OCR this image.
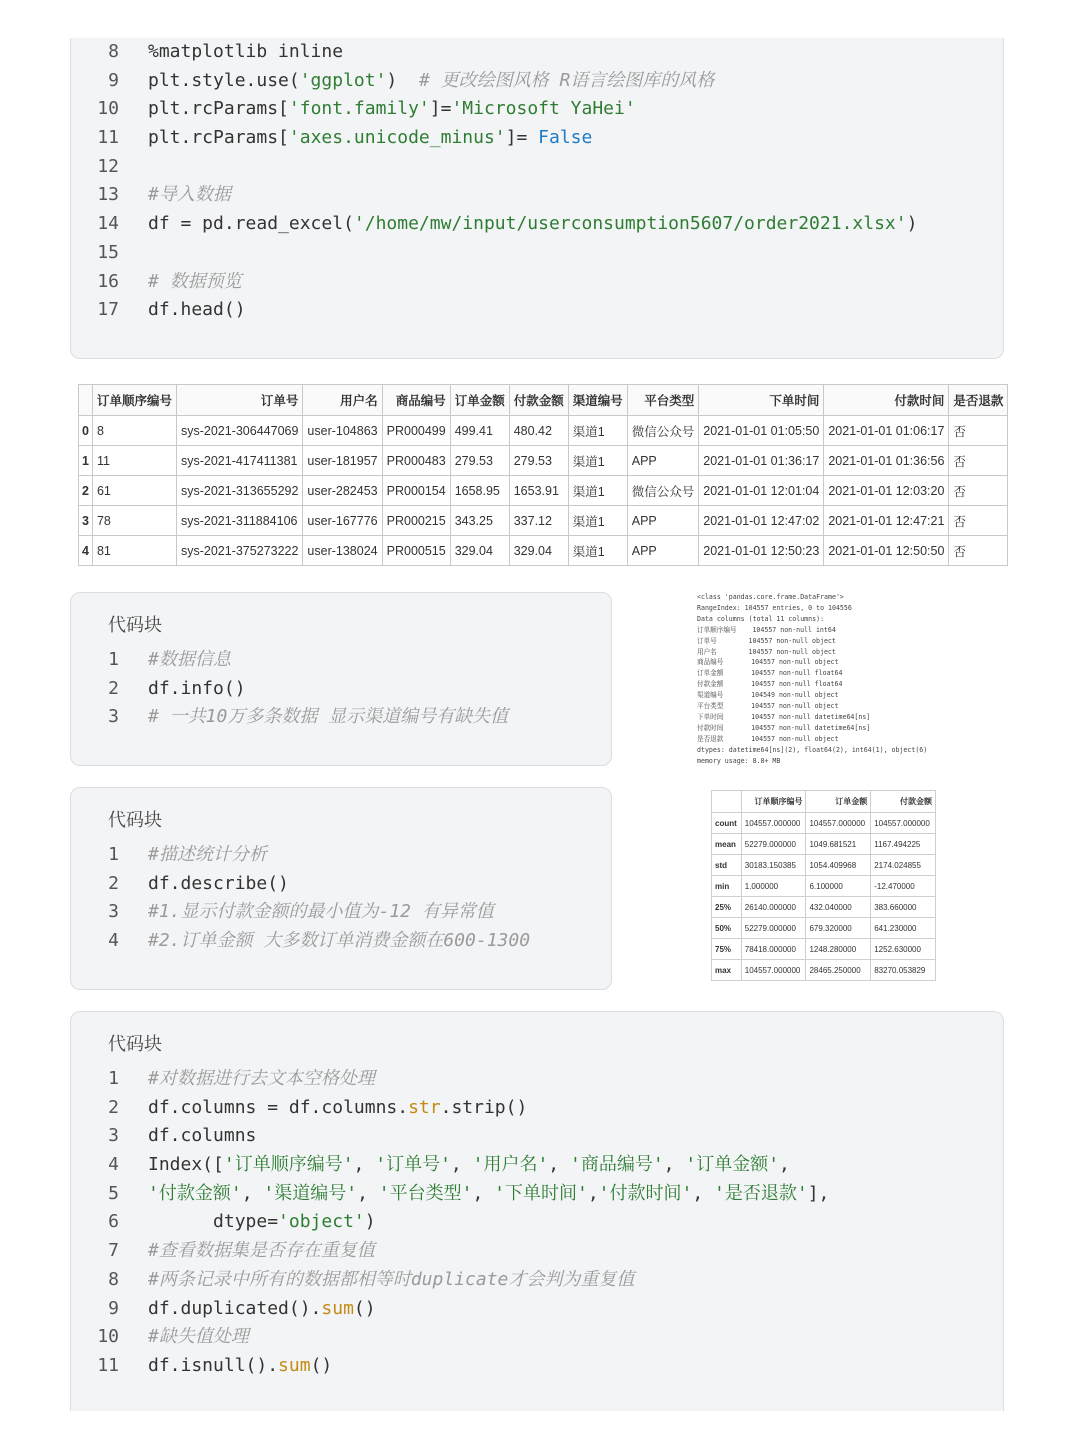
8 %matplotlib inline
9 plt.style.use('ggplot')  # 更改绘图风格 R语言绘图库的风格
10 plt.rcParams['font.family']='Microsoft YaHei'
11 plt.rcParams['axes.unicode_minus']= False
12
13 #导入数据
14 df = pd.read_excel('/home/mw/input/userconsumption5607/order2021.xlsx')
15
16 # 数据预览
17 df.head()
	订单顺序编号	订单号	用户名	商品编号	订单金额	付款金额	渠道编号	平台类型	下单时间	付款时间	是否退款
0	8	sys-2021-306447069	user-104863	PR000499	499.41	480.42	渠道1	微信公众号	2021-01-01 01:05:50	2021-01-01 01:06:17	否
1	11	sys-2021-417411381	user-181957	PR000483	279.53	279.53	渠道1	APP	2021-01-01 01:36:17	2021-01-01 01:36:56	否
2	61	sys-2021-313655292	user-282453	PR000154	1658.95	1653.91	渠道1	微信公众号	2021-01-01 12:01:04	2021-01-01 12:03:20	否
3	78	sys-2021-311884106	user-167776	PR000215	343.25	337.12	渠道1	APP	2021-01-01 12:47:02	2021-01-01 12:47:21	否
4	81	sys-2021-375273222	user-138024	PR000515	329.04	329.04	渠道1	APP	2021-01-01 12:50:23	2021-01-01 12:50:50	否
代码块
1 #数据信息
2 df.info()
3 # 一共10万多条数据 显示渠道编号有缺失值
<class 'pandas.core.frame.DataFrame'>
RangeIndex: 104557 entries, 0 to 104556
Data columns (total 11 columns):
订单顺序编号    104557 non-null int64
订单号        104557 non-null object
用户名        104557 non-null object
商品编号       104557 non-null object
订单金额       104557 non-null float64
付款金额       104557 non-null float64
渠道编号       104549 non-null object
平台类型       104557 non-null object
下单时间       104557 non-null datetime64[ns]
付款时间       104557 non-null datetime64[ns]
是否退款       104557 non-null object
dtypes: datetime64[ns](2), float64(2), int64(1), object(6)
memory usage: 8.8+ MB
代码块
1 #描述统计分析
2 df.describe()
3 #1.显示付款金额的最小值为-12 有异常值
4 #2.订单金额 大多数订单消费金额在600-1300
	订单顺序编号	订单金额	付款金额
count	104557.000000	104557.000000	104557.000000
mean	52279.000000	1049.681521	1167.494225
std	30183.150385	1054.409968	2174.024855
min	1.000000	6.100000	-12.470000
25%	26140.000000	432.040000	383.660000
50%	52279.000000	679.320000	641.230000
75%	78418.000000	1248.280000	1252.630000
max	104557.000000	28465.250000	83270.053829
代码块
1 #对数据进行去文本空格处理
2 df.columns = df.columns.str.strip()
3 df.columns
4 Index(['订单顺序编号', '订单号', '用户名', '商品编号', '订单金额',
5 '付款金额', '渠道编号', '平台类型', '下单时间','付款时间', '是否退款'],
6 dtype='object')
7 #查看数据集是否存在重复值
8 #两条记录中所有的数据都相等时duplicate才会判为重复值
9 df.duplicated().sum()
10 #缺失值处理
11 df.isnull().sum()
